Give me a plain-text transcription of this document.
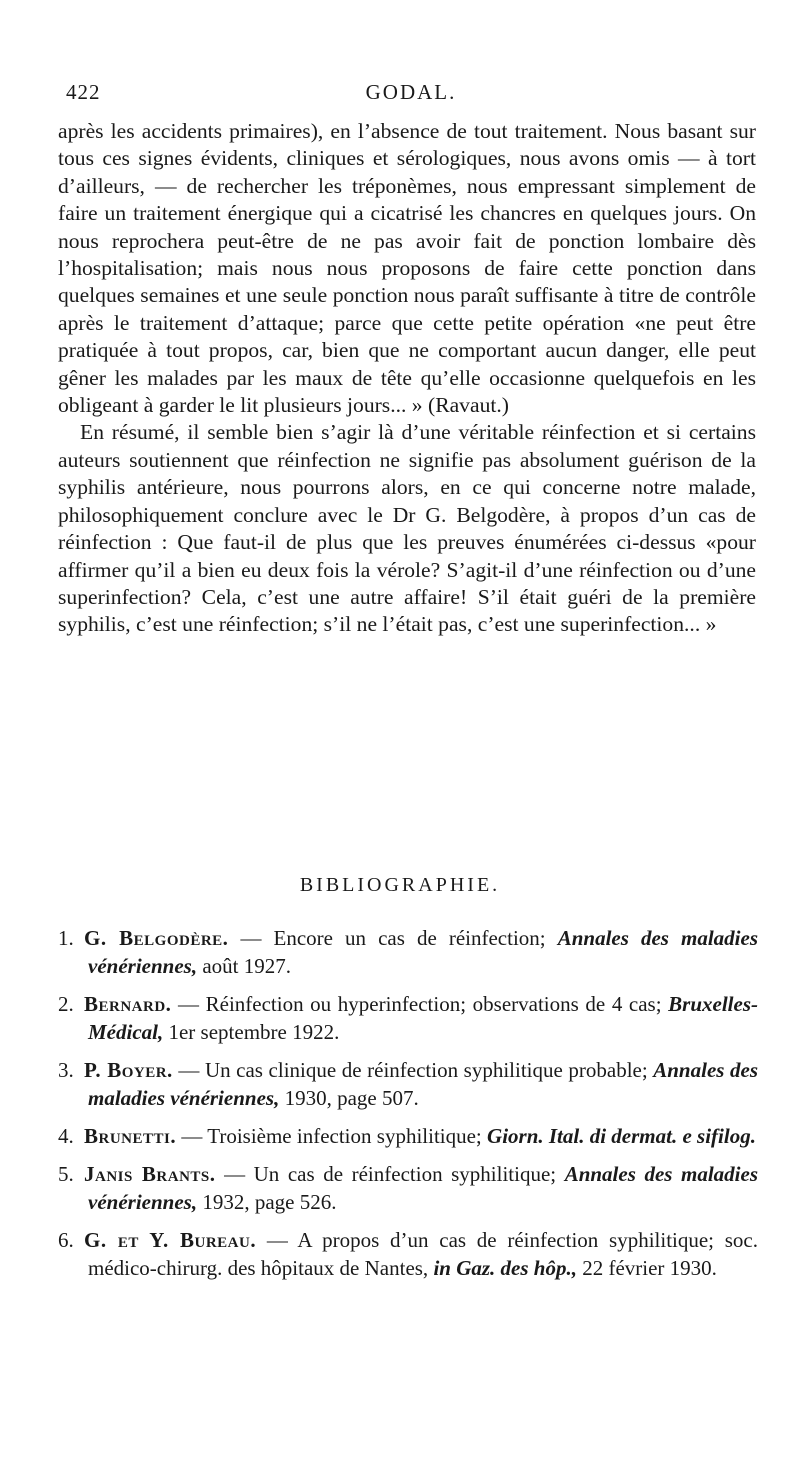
422	GODAL.

après les accidents primaires), en l’absence de tout traitement. Nous basant sur tous ces signes évidents, cliniques et sérologiques, nous avons omis — à tort d’ailleurs, — de rechercher les tréponèmes, nous empressant simplement de faire un traitement énergique qui a cicatrisé les chancres en quelques jours. On nous reprochera peut-être de ne pas avoir fait de ponction lombaire dès l’hospitalisation; mais nous nous proposons de faire cette ponction dans quelques semaines et une seule ponction nous paraît suffisante à titre de contrôle après le traitement d’attaque; parce que cette petite opération «ne peut être pratiquée à tout propos, car, bien que ne comportant aucun danger, elle peut gêner les malades par les maux de tête qu’elle occasionne quelquefois en les obligeant à garder le lit plusieurs jours... » (Ravaut.)

En résumé, il semble bien s’agir là d’une véritable réinfection et si certains auteurs soutiennent que réinfection ne signifie pas absolument guérison de la syphilis antérieure, nous pourrons alors, en ce qui concerne notre malade, philosophiquement conclure avec le Dr G. Belgodère, à propos d’un cas de réinfection : Que faut-il de plus que les preuves énumérées ci-dessus «pour affirmer qu’il a bien eu deux fois la vérole? S’agit-il d’une réinfection ou d’une superinfection? Cela, c’est une autre affaire! S’il était guéri de la première syphilis, c’est une réinfection; s’il ne l’était pas, c’est une superinfection... »

BIBLIOGRAPHIE.
1. G. Belgodère. — Encore un cas de réinfection; Annales des maladies vénériennes, août 1927.
2. Bernard. — Réinfection ou hyperinfection; observations de 4 cas; Bruxelles-Médical, 1er septembre 1922.
3. P. Boyer. — Un cas clinique de réinfection syphilitique probable; Annales des maladies vénériennes, 1930, page 507.
4. Brunetti. — Troisième infection syphilitique; Giorn. Ital. di dermat. e sifilog.
5. Janis Brants. — Un cas de réinfection syphilitique; Annales des maladies vénériennes, 1932, page 526.
6. G. et Y. Bureau. — A propos d’un cas de réinfection syphilitique; soc. médico-chirurg. des hôpitaux de Nantes, in Gaz. des hôp., 22 février 1930.
